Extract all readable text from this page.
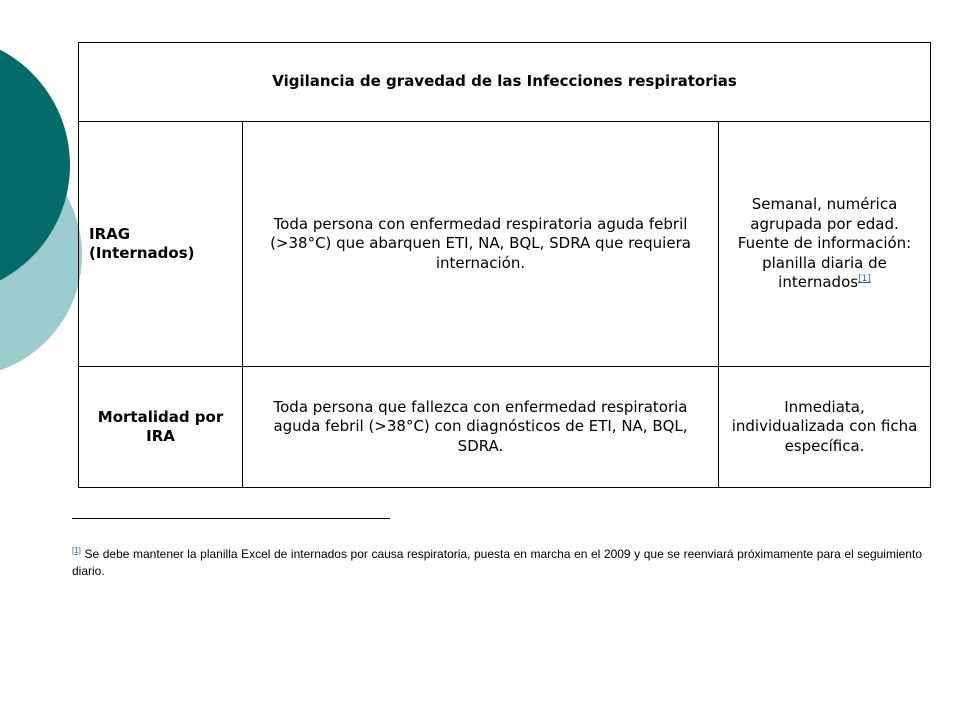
Vigilancia de gravedad de las Infecciones respiratorias		
IRAG (Internados)	Toda persona con enfermedad respiratoria aguda febril (>38°C) que abarquen ETI, NA, BQL, SDRA que requiera internación.	Semanal, numérica agrupada por edad. Fuente de información: planilla diaria de internados[1]
Mortalidad por IRA	Toda persona que fallezca con enfermedad respiratoria aguda febril (>38°C) con diagnósticos de ETI, NA, BQL, SDRA.	Inmediata, individualizada con ficha específica.
[1] Se debe mantener la planilla Excel de internados por causa respiratoria, puesta en marcha en el 2009 y que se reenviará próximamente para el seguimiento diario.
